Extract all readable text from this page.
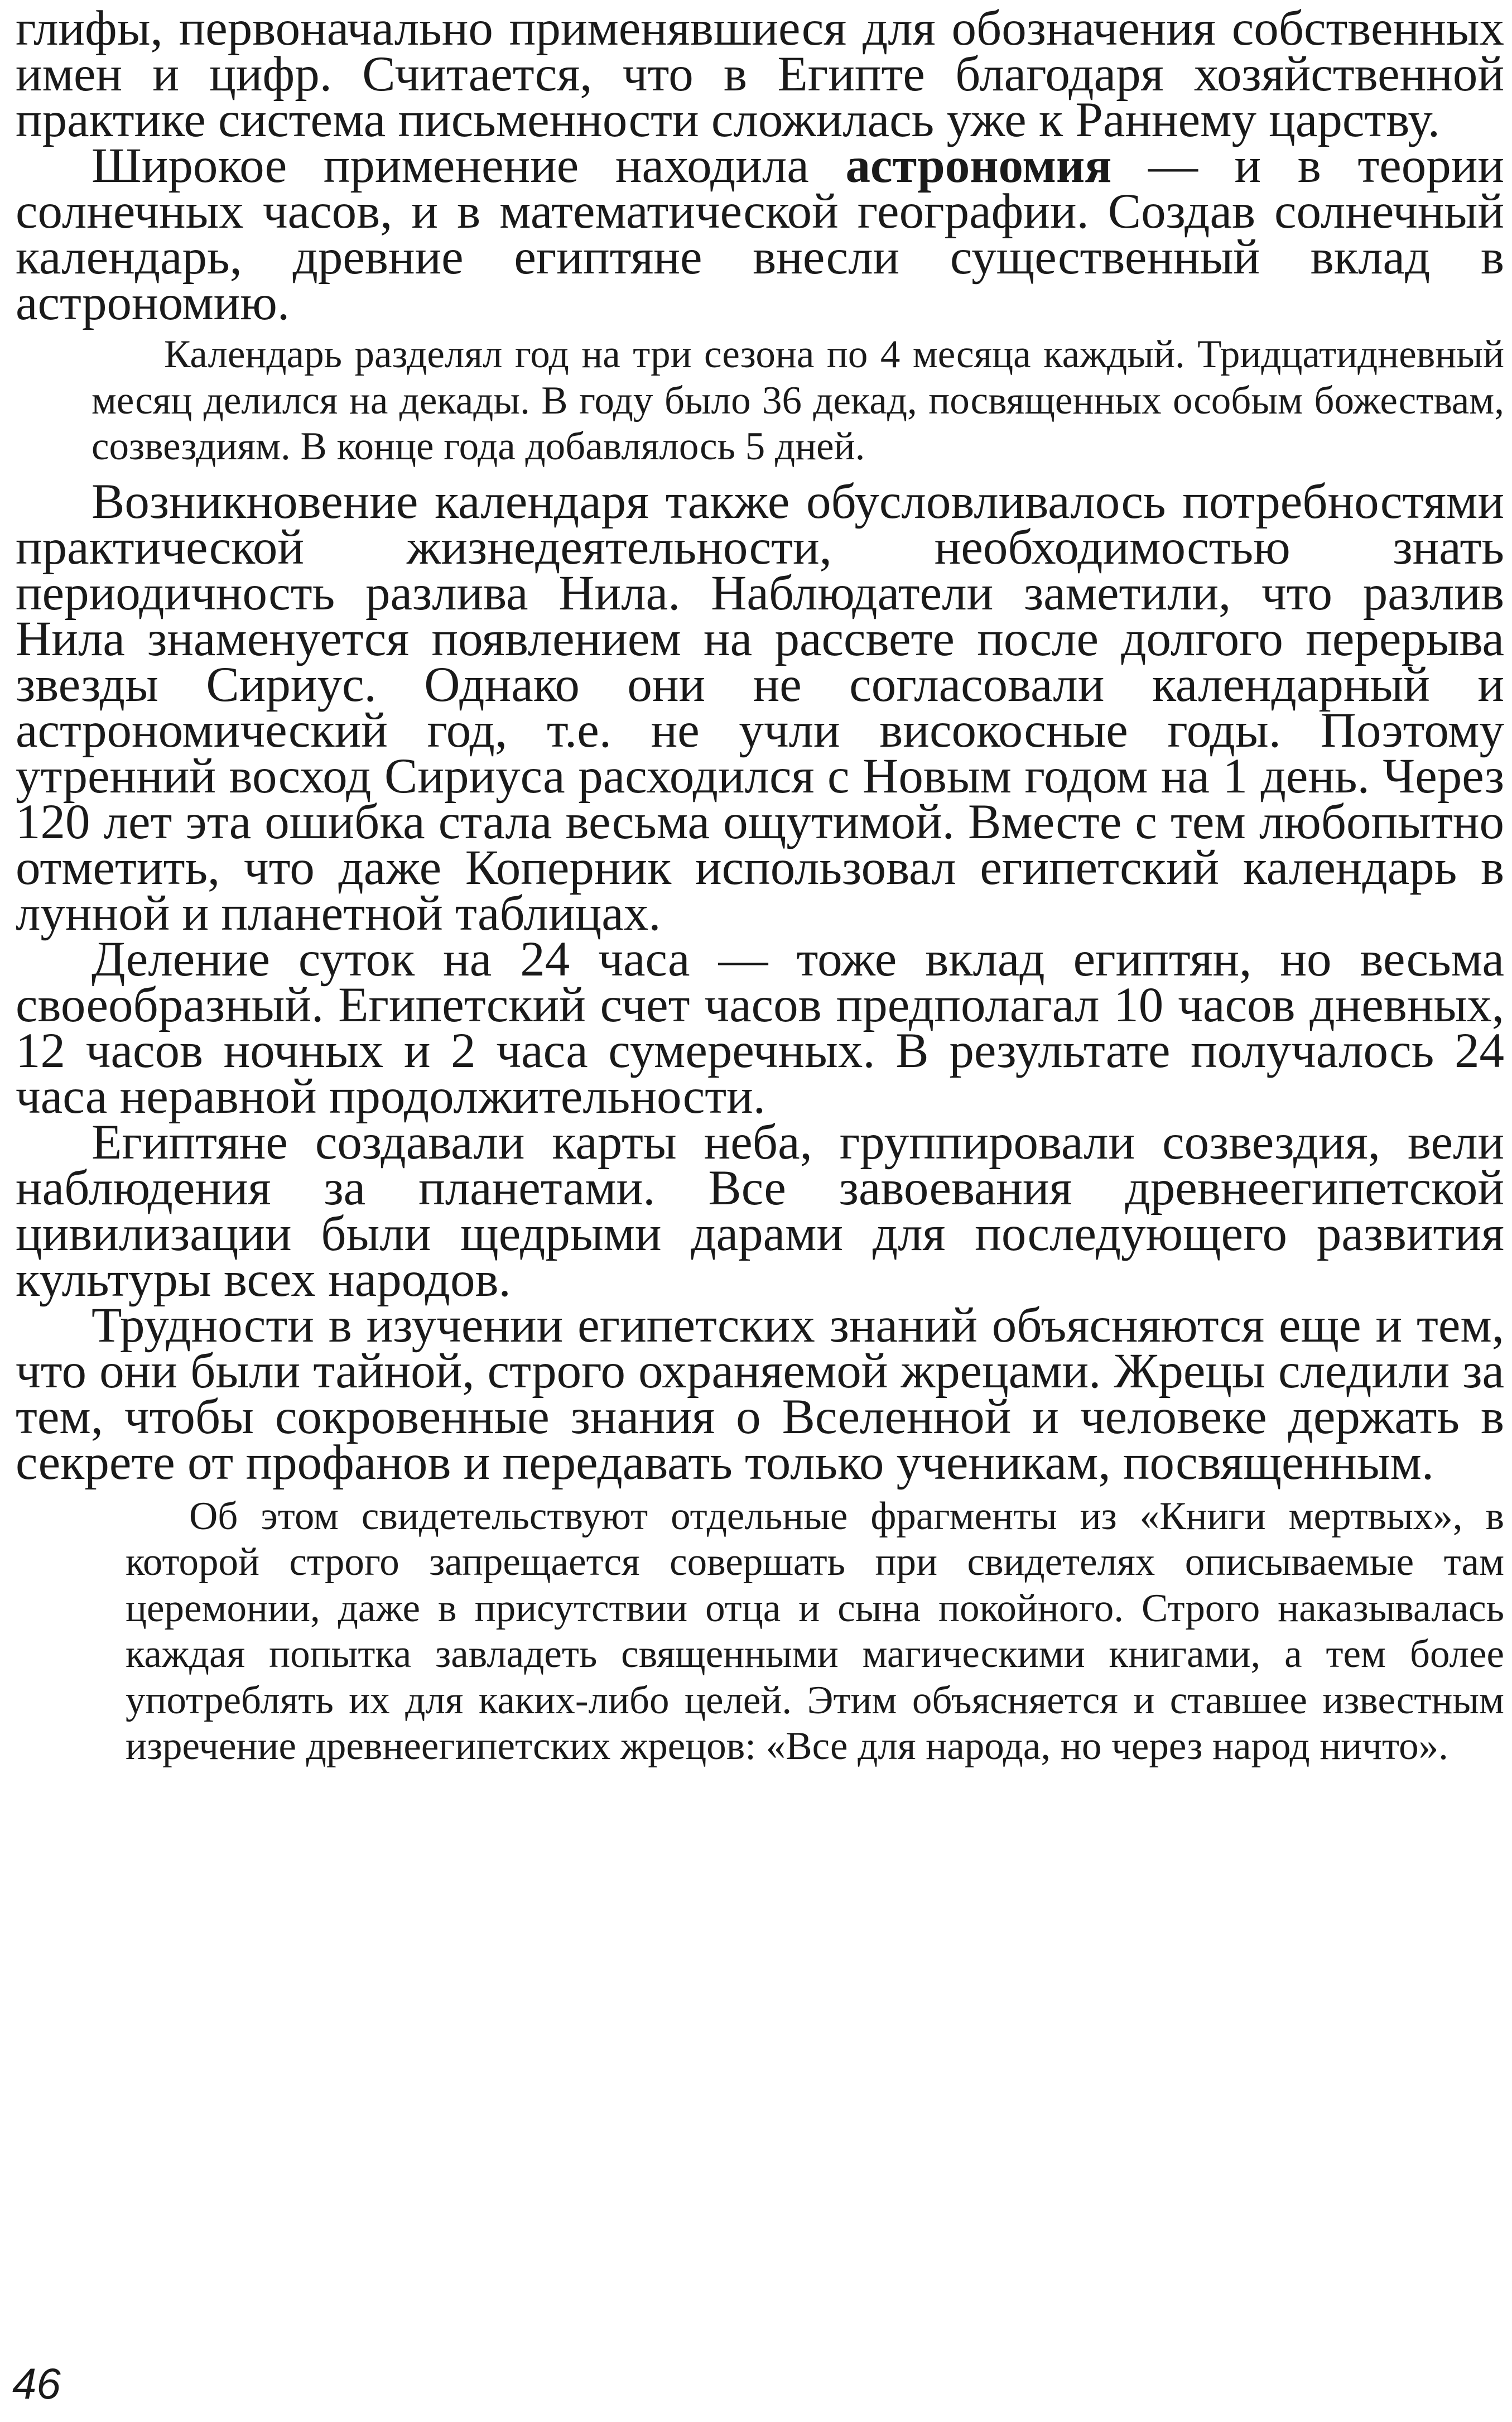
глифы, первоначально применявшиеся для обозначения собственных имен и цифр. Считается, что в Египте благодаря хозяйственной практике система письменности сложилась уже к Раннему царству.

Широкое применение находила астрономия — и в теории солнечных часов, и в математической географии. Создав солнечный календарь, древние египтяне внесли существенный вклад в астрономию.

Календарь разделял год на три сезона по 4 месяца каждый. Тридцатидневный месяц делился на декады. В году было 36 декад, посвященных особым божествам, созвездиям. В конце года добавлялось 5 дней.

Возникновение календаря также обусловливалось потребностями практической жизнедеятельности, необходимостью знать периодичность разлива Нила. Наблюдатели заметили, что разлив Нила знаменуется появлением на рассвете после долгого перерыва звезды Сириус. Однако они не согласовали календарный и астрономический год, т.е. не учли високосные годы. Поэтому утренний восход Сириуса расходился с Новым годом на 1 день. Через 120 лет эта ошибка стала весьма ощутимой. Вместе с тем любопытно отметить, что даже Коперник использовал египетский календарь в лунной и планетной таблицах.

Деление суток на 24 часа — тоже вклад египтян, но весьма своеобразный. Египетский счет часов предполагал 10 часов дневных, 12 часов ночных и 2 часа сумеречных. В результате получалось 24 часа неравной продолжительности.

Египтяне создавали карты неба, группировали созвездия, вели наблюдения за планетами. Все завоевания древнеегипетской цивилизации были щедрыми дарами для последующего развития культуры всех народов.

Трудности в изучении египетских знаний объясняются еще и тем, что они были тайной, строго охраняемой жрецами. Жрецы следили за тем, чтобы сокровенные знания о Вселенной и человеке держать в секрете от профанов и передавать только ученикам, посвященным.

Об этом свидетельствуют отдельные фрагменты из «Книги мертвых», в которой строго запрещается совершать при свидетелях описываемые там церемонии, даже в присутствии отца и сына покойного. Строго наказывалась каждая попытка завладеть священными магическими книгами, а тем более употреблять их для каких-либо целей. Этим объясняется и ставшее известным изречение древнеегипетских жрецов: «Все для народа, но через народ ничто».

46
